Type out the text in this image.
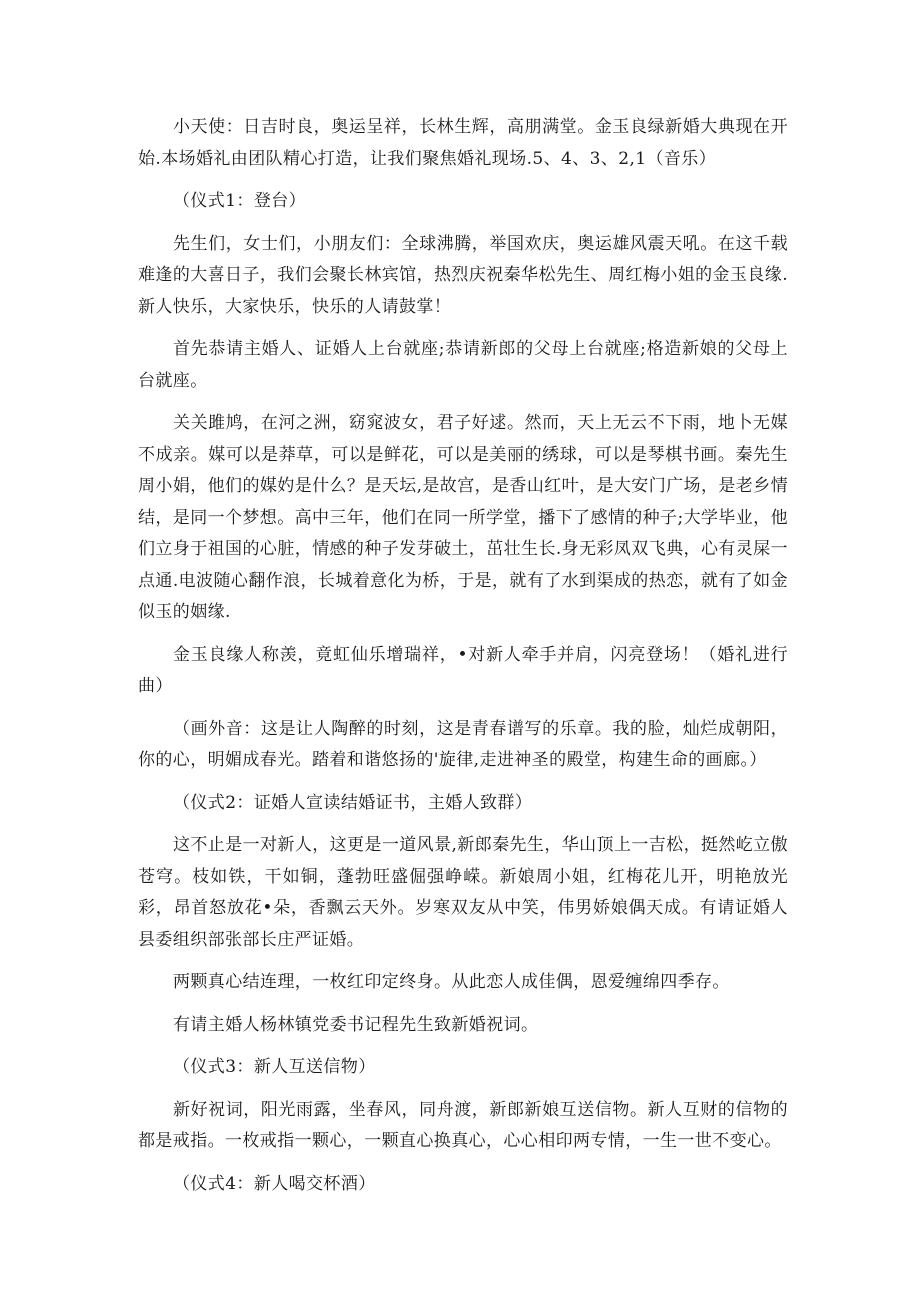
小天使：日吉时良，奥运呈祥，长林生辉，高朋满堂。金玉良绿新婚大典现在开始.本场婚礼由团队精心打造，让我们聚焦婚礼现场.5、4、3、2,1（音乐）

（仪式1：登台）

先生们，女士们，小朋友们：全球沸腾，举国欢庆，奥运雄风震天吼。在这千载难逢的大喜日子，我们会聚长林宾馆，热烈庆祝秦华松先生、周红梅小姐的金玉良缘.新人快乐，大家快乐，快乐的人请鼓掌！

首先恭请主婚人、证婚人上台就座;恭请新郎的父母上台就座;格造新娘的父母上台就座。

关关雎鸠，在河之洲，窈窕波女，君子好逑。然而，天上无云不下雨，地卜无媒不成亲。媒可以是莽草，可以是鲜花，可以是美丽的绣球，可以是琴棋书画。秦先生周小娟，他们的媒妁是什么？是天坛,是故宫，是香山红叶，是大安门广场，是老乡情结，是同一个梦想。高中三年，他们在同一所学堂，播下了感情的种子;大学毕业，他们立身于祖国的心脏，情感的种子发芽破土，茁壮生长.身无彩凤双飞典，心有灵屎一点通.电波随心翻作浪，长城着意化为桥，于是，就有了水到渠成的热恋，就有了如金似玉的姻缘.

金玉良缘人称羡，竟虹仙乐增瑞祥，•对新人牵手并肩，闪亮登场！（婚礼进行曲）

（画外音：这是让人陶醉的时刻，这是青春谱写的乐章。我的脸，灿烂成朝阳，你的心，明媚成春光。踏着和谐悠扬的'旋律,走进神圣的殿堂，构建生命的画廊。）

（仪式2：证婚人宣读结婚证书，主婚人致群）

这不止是一对新人，这更是一道风景,新郎秦先生，华山顶上一吉松，挺然屹立傲苍穹。枝如铁，干如铜，蓬勃旺盛倔强峥嵘。新娘周小姐，红梅花儿开，明艳放光彩，昂首怒放花•朵，香飘云天外。岁寒双友从中笑，伟男娇娘偶天成。有请证婚人县委组织部张部长庄严证婚。

两颗真心结连理，一枚红印定终身。从此恋人成佳偶，恩爱缠绵四季存。

有请主婚人杨林镇党委书记程先生致新婚祝词。

（仪式3：新人互送信物）

新好祝词，阳光雨露，坐春风，同舟渡，新郎新娘互送信物。新人互财的信物的都是戒指。一枚戒指一颗心，一颗直心换真心，心心相印两专情，一生一世不变心。

（仪式4：新人喝交杯酒）
